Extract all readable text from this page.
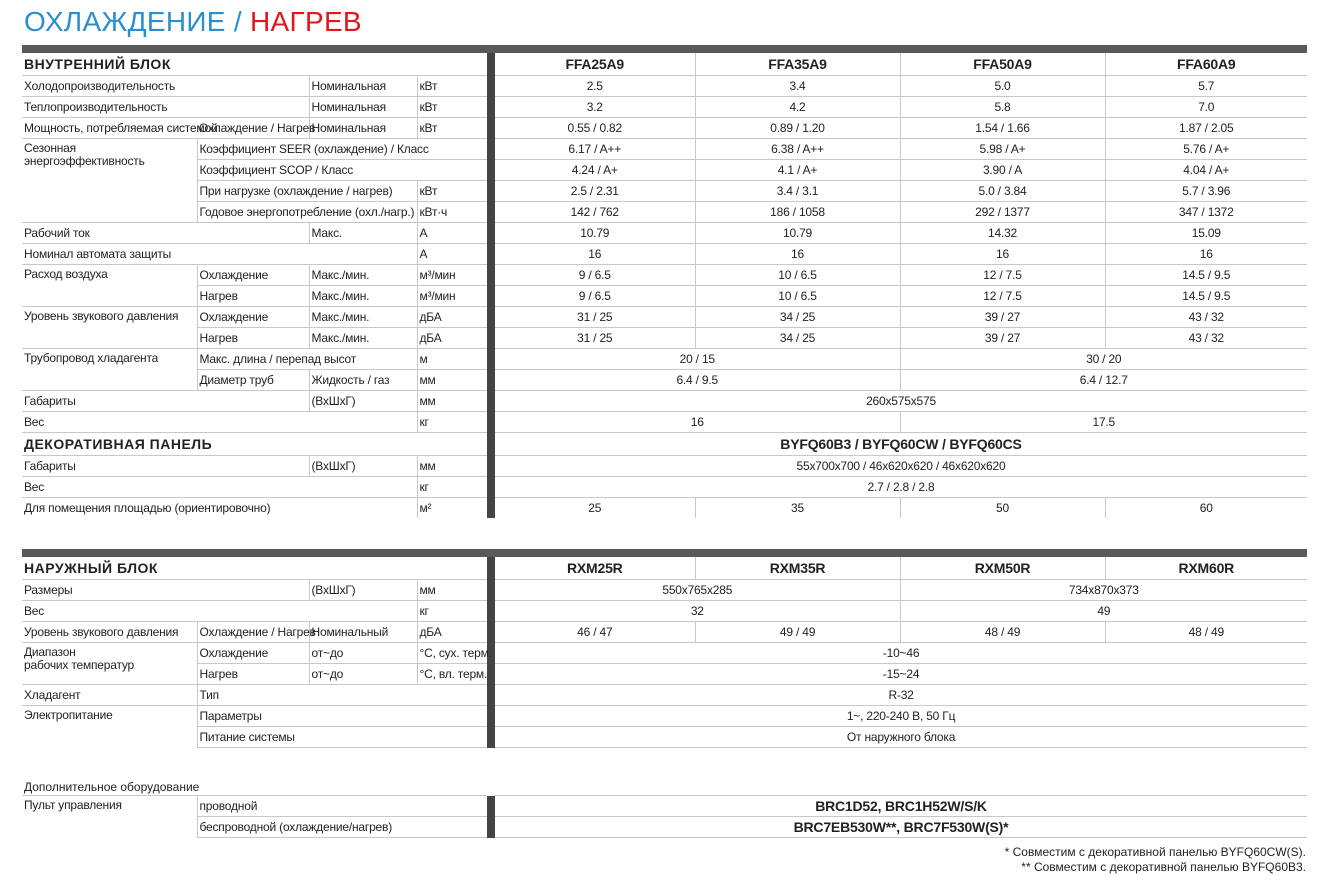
ОХЛАЖДЕНИЕ / НАГРЕВ
ВНУТРЕННИЙ БЛОК					FFA25A9	FFA35A9	FFA50A9	FFA60A9
Холодопроизводительность		Номинальная	кВт		2.5	3.4	5.0	5.7
Теплопроизводительность		Номинальная	кВт		3.2	4.2	5.8	7.0
Мощность, потребляемая системой	Охлаждение / Нагрев	Номинальная	кВт		0.55 / 0.82	0.89 / 1.20	1.54 / 1.66	1.87 / 2.05
Сезонная
энергоэффективность	Коэффициент SEER (охлаждение) / Класс				6.17 / A++	6.38 / A++	5.98 / A+	5.76 / A+
	Коэффициент SCOP / Класс				4.24 / A+	4.1 / A+	3.90 / A	4.04 / A+
	При нагрузке (охлаждение / нагрев)		кВт		2.5 / 2.31	3.4 / 3.1	5.0 / 3.84	5.7 / 3.96
	Годовое энергопотребление (охл./нагр.)		кВт·ч		142 / 762	186 / 1058	292 / 1377	347 / 1372
Рабочий ток		Макс.	А		10.79	10.79	14.32	15.09
Номинал автомата защиты			А		16	16	16	16
Расход воздуха	Охлаждение	Макс./мин.	м³/мин		9 / 6.5	10 / 6.5	12 / 7.5	14.5 / 9.5
	Нагрев	Макс./мин.	м³/мин		9 / 6.5	10 / 6.5	12 / 7.5	14.5 / 9.5
Уровень звукового давления	Охлаждение	Макс./мин.	дБА		31 / 25	34 / 25	39 / 27	43 / 32
	Нагрев	Макс./мин.	дБА		31 / 25	34 / 25	39 / 27	43 / 32
Трубопровод хладагента	Макс. длина / перепад высот		м		20 / 15		30 / 20	
	Диаметр труб	Жидкость / газ	мм		6.4 / 9.5		6.4 / 12.7	
Габариты		(ВхШхГ)	мм		260x575x575			
Вес			кг		16		17.5	
ДЕКОРАТИВНАЯ ПАНЕЛЬ					BYFQ60B3 / BYFQ60CW / BYFQ60CS			
Габариты		(ВхШхГ)	мм		55x700x700 / 46x620x620 / 46x620x620			
Вес			кг		2.7 / 2.8 / 2.8			
Для помещения площадью (ориентировочно)			м²		25	35	50	60
НАРУЖНЫЙ БЛОК					RXM25R	RXM35R	RXM50R	RXM60R
Размеры		(ВхШхГ)	мм		550x765x285		734x870x373	
Вес			кг		32		49	
Уровень звукового давления	Охлаждение / Нагрев	Номинальный	дБА		46 / 47	49 / 49	48 / 49	48 / 49
Диапазон
рабочих температур	Охлаждение	от~до	°С, сух. терм.		-10~46			
	Нагрев	от~до	°С, вл. терм.		-15~24			
Хладагент	Тип				R-32			
Электропитание	Параметры				1~, 220-240 В, 50 Гц			
	Питание системы				От наружного блока			
Дополнительное оборудование
Пульт управления	проводной		BRC1D52, BRC1H52W/S/K
	беспроводной (охлаждение/нагрев)		BRC7EB530W**, BRC7F530W(S)*
* Совместим с декоративной панелью BYFQ60CW(S).
** Совместим с декоративной панелью BYFQ60B3.
